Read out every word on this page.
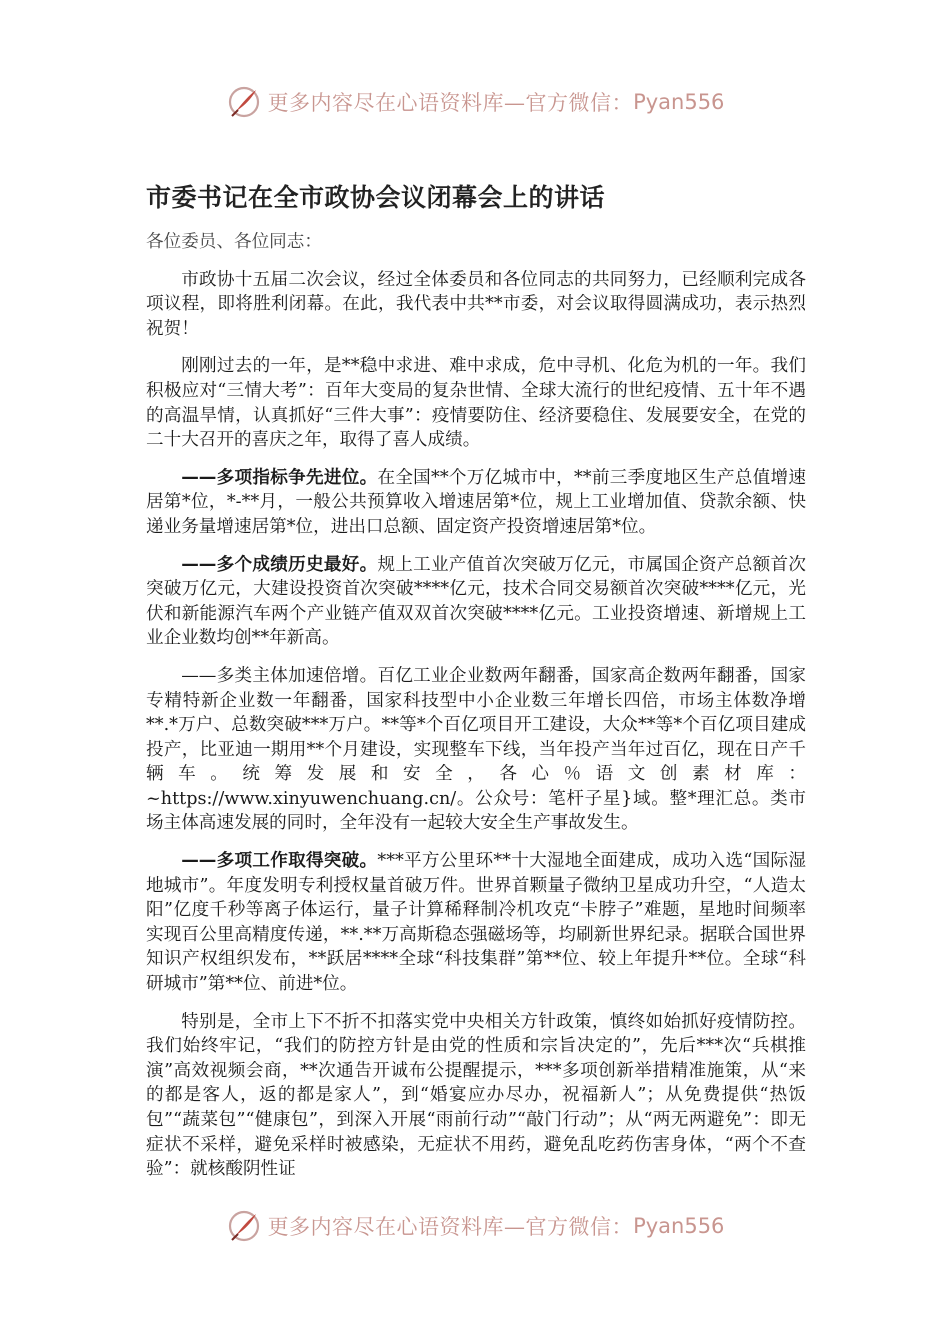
更多内容尽在心语资料库—官方微信： Pyan556
市委书记在全市政协会议闭幕会上的讲话

各位委员、各位同志：

市政协十五届二次会议，经过全体委员和各位同志的共同努力，已经顺利完成各项议程，即将胜利闭幕。在此，我代表中共**市委，对会议取得圆满成功，表示热烈祝贺！

刚刚过去的一年，是**稳中求进、难中求成，危中寻机、化危为机的一年。我们积极应对“三情大考”：百年大变局的复杂世情、全球大流行的世纪疫情、五十年不遇的高温旱情，认真抓好“三件大事”：疫情要防住、经济要稳住、发展要安全，在党的二十大召开的喜庆之年，取得了喜人成绩。

——多项指标争先进位。在全国**个万亿城市中，**前三季度地区生产总值增速居第*位，*-**月，一般公共预算收入增速居第*位，规上工业增加值、贷款余额、快递业务量增速居第*位，进出口总额、固定资产投资增速居第*位。

——多个成绩历史最好。规上工业产值首次突破万亿元，市属国企资产总额首次突破万亿元，大建设投资首次突破****亿元，技术合同交易额首次突破****亿元，光伏和新能源汽车两个产业链产值双双首次突破****亿元。工业投资增速、新增规上工业企业数均创**年新高。

——多类主体加速倍增。百亿工业企业数两年翻番，国家高企数两年翻番，国家专精特新企业数一年翻番，国家科技型中小企业数三年增长四倍，市场主体数净增**.*万户、总数突破***万户。**等*个百亿项目开工建设，大众**等*个百亿项目建成投产，比亚迪一期用**个月建设，实现整车下线，当年投产当年过百亿，现在日产千辆车。统筹发展和安全，各心％语文创素材库：~https://www.xinyuwenchuang.cn/。公众号：笔杆子星}域。整*理汇总。类市场主体高速发展的同时，全年没有一起较大安全生产事故发生。

——多项工作取得突破。***平方公里环**十大湿地全面建成，成功入选“国际湿地城市”。年度发明专利授权量首破万件。世界首颗量子微纳卫星成功升空，“人造太阳”亿度千秒等离子体运行，量子计算稀释制冷机攻克“卡脖子”难题，星地时间频率实现百公里高精度传递，**.**万高斯稳态强磁场等，均刷新世界纪录。据联合国世界知识产权组织发布，**跃居****全球“科技集群”第**位、较上年提升**位。全球“科研城市”第**位、前进*位。

特别是，全市上下不折不扣落实党中央相关方针政策，慎终如始抓好疫情防控。我们始终牢记，“我们的防控方针是由党的性质和宗旨决定的”，先后***次“兵棋推演”高效视频会商，**次通告开诚布公提醒提示，***多项创新举措精准施策，从“来的都是客人，返的都是家人”，到“婚宴应办尽办，祝福新人”；从免费提供“热饭包”“蔬菜包”“健康包”，到深入开展“雨前行动”“敲门行动”；从“两无两避免”：即无症状不采样，避免采样时被感染，无症状不用药，避免乱吃药伤害身体，“两个不查验”：就核酸阴性证

更多内容尽在心语资料库—官方微信： Pyan556
